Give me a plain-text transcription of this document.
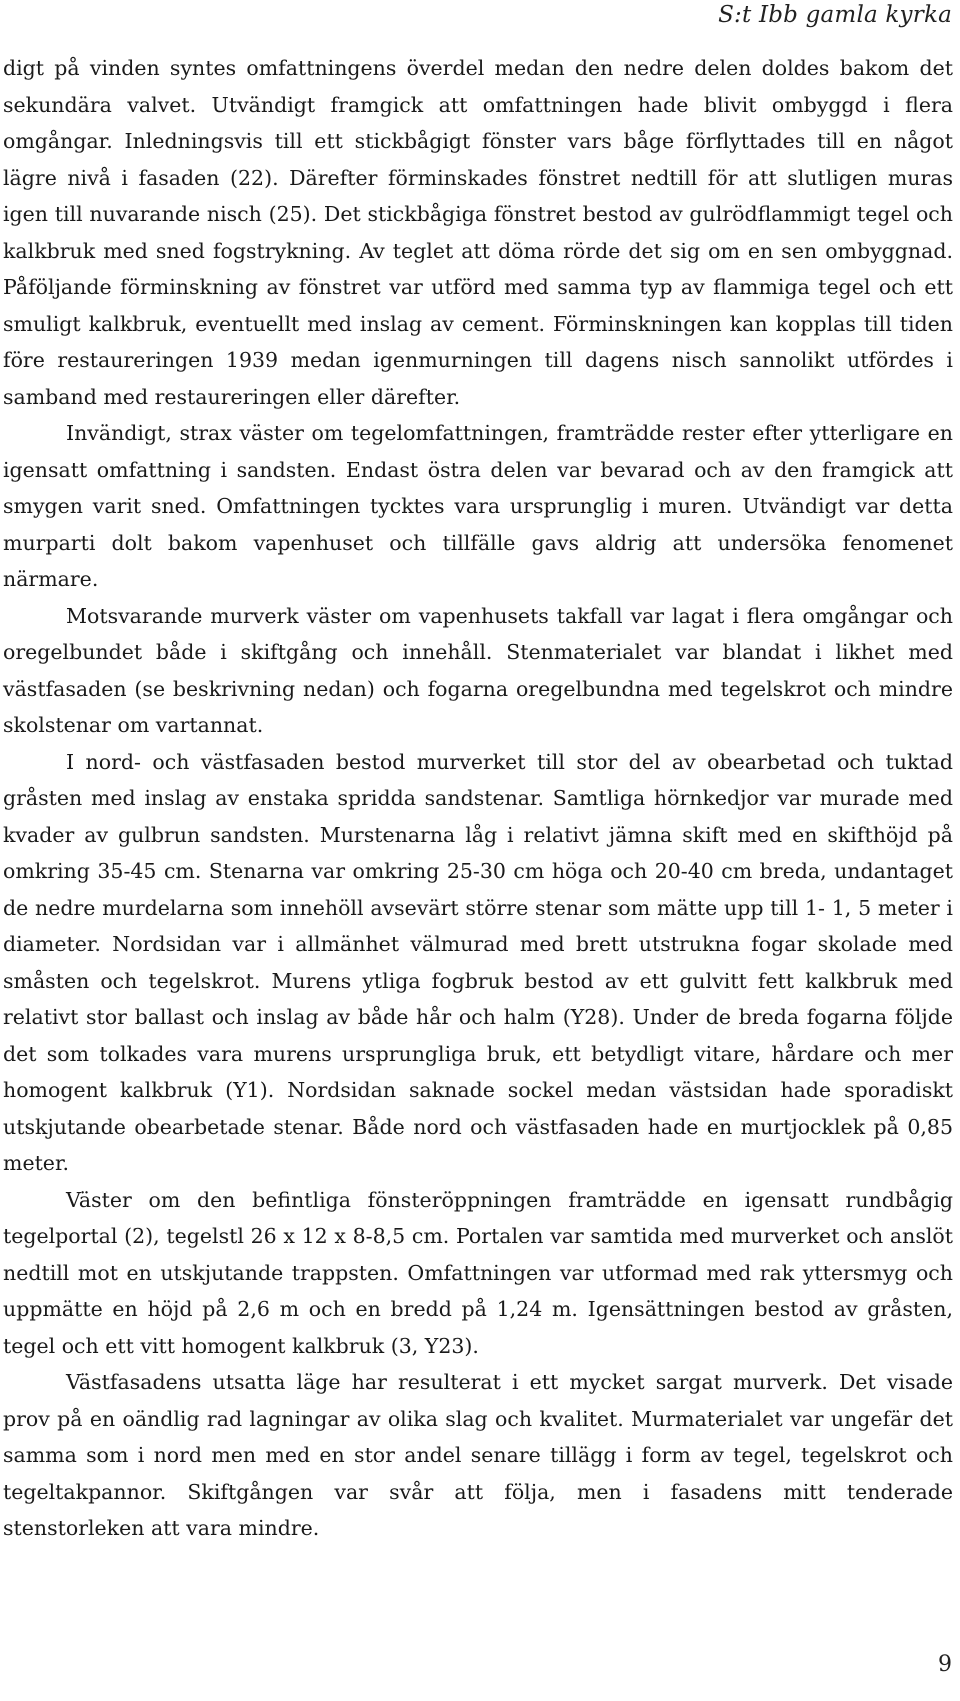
S:t Ibb gamla kyrka

digt på vinden syntes omfattningens överdel medan den nedre delen doldes bakom det sekundära valvet. Utvändigt framgick att omfattningen hade blivit ombyggd i flera omgångar. Inledningsvis till ett stickbågigt fönster vars båge förflyttades till en något lägre nivå i fasaden (22). Därefter förminskades fönstret nedtill för att slutligen muras igen till nuvarande nisch (25). Det stickbågiga fönstret bestod av gulrödflammigt tegel och kalkbruk med sned fogstrykning. Av teglet att döma rörde det sig om en sen ombyggnad. Påföljande förminskning av fönstret var utförd med samma typ av flammiga tegel och ett smuligt kalkbruk, eventuellt med inslag av cement. Förminskningen kan kopplas till tiden före restaureringen 1939 medan igenmurningen till dagens nisch sannolikt utfördes i samband med restaureringen eller därefter.

Invändigt, strax väster om tegelomfattningen, framträdde rester efter ytterligare en igensatt omfattning i sandsten. Endast östra delen var bevarad och av den framgick att smygen varit sned. Omfattningen tycktes vara ursprunglig i muren. Utvändigt var detta murparti dolt bakom vapenhuset och tillfälle gavs aldrig att undersöka fenomenet närmare.

Motsvarande murverk väster om vapenhusets takfall var lagat i flera omgångar och oregelbundet både i skiftgång och innehåll. Stenmaterialet var blandat i likhet med västfasaden (se beskrivning nedan) och fogarna oregelbundna med tegelskrot och mindre skolstenar om vartannat.

I nord- och västfasaden bestod murverket till stor del av obearbetad och tuktad gråsten med inslag av enstaka spridda sandstenar. Samtliga hörnkedjor var murade med kvader av gulbrun sandsten. Murstenarna låg i relativt jämna skift med en skifthöjd på omkring 35-45 cm. Stenarna var omkring 25-30 cm höga och 20-40 cm breda, undantaget de nedre murdelarna som innehöll avsevärt större stenar som mätte upp till 1- 1, 5 meter i diameter. Nordsidan var i allmänhet välmurad med brett utstrukna fogar skolade med småsten och tegelskrot. Murens ytliga fogbruk bestod av ett gulvitt fett kalkbruk med relativt stor ballast och inslag av både hår och halm (Y28). Under de breda fogarna följde det som tolkades vara murens ursprungliga bruk, ett betydligt vitare, hårdare och mer homogent kalkbruk (Y1). Nordsidan saknade sockel medan västsidan hade sporadiskt utskjutande obearbetade stenar. Både nord och västfasaden hade en murtjocklek på 0,85 meter.

Väster om den befintliga fönsteröppningen framträdde en igensatt rundbågig tegelportal (2), tegelstl 26 x 12 x 8-8,5 cm. Portalen var samtida med murverket och anslöt nedtill mot en utskjutande trappsten. Omfattningen var utformad med rak yttersmyg och uppmätte en höjd på 2,6 m och en bredd på 1,24 m. Igensättningen bestod av gråsten, tegel och ett vitt homogent kalkbruk (3, Y23).

Västfasadens utsatta läge har resulterat i ett mycket sargat murverk. Det visade prov på en oändlig rad lagningar av olika slag och kvalitet. Murmaterialet var ungefär det samma som i nord men med en stor andel senare tillägg i form av tegel, tegelskrot och tegeltakpannor. Skiftgången var svår att följa, men i fasadens mitt tenderade stenstorleken att vara mindre.

9
